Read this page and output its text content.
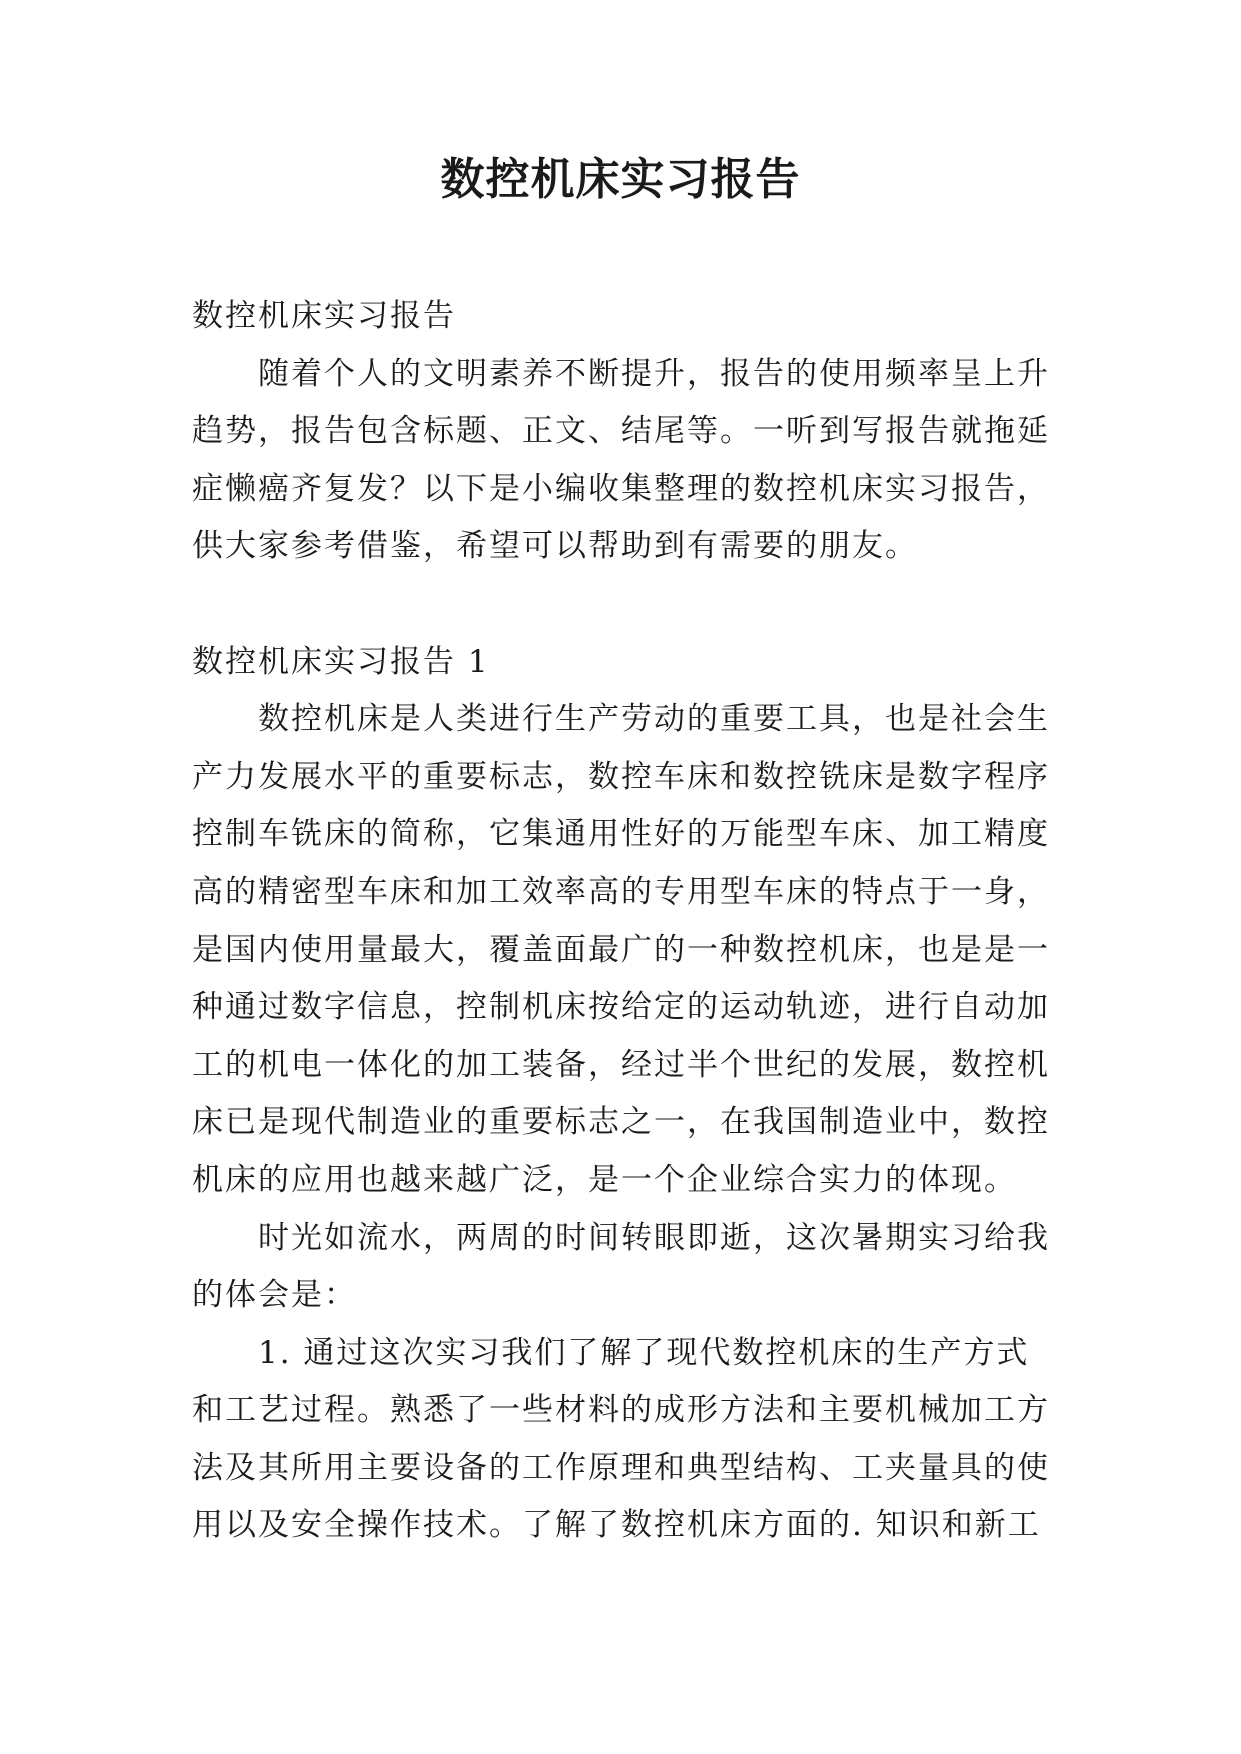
数控机床实习报告
数控机床实习报告
随着个人的文明素养不断提升，报告的使用频率呈上升
趋势，报告包含标题、正文、结尾等。一听到写报告就拖延
症懒癌齐复发？以下是小编收集整理的数控机床实习报告，
供大家参考借鉴，希望可以帮助到有需要的朋友。
数控机床实习报告 1
数控机床是人类进行生产劳动的重要工具，也是社会生
产力发展水平的重要标志，数控车床和数控铣床是数字程序
控制车铣床的简称，它集通用性好的万能型车床、加工精度
高的精密型车床和加工效率高的专用型车床的特点于一身，
是国内使用量最大，覆盖面最广的一种数控机床，也是是一
种通过数字信息，控制机床按给定的运动轨迹，进行自动加
工的机电一体化的加工装备，经过半个世纪的发展，数控机
床已是现代制造业的重要标志之一，在我国制造业中，数控
机床的应用也越来越广泛，是一个企业综合实力的体现。
时光如流水，两周的时间转眼即逝，这次暑期实习给我
的体会是：
1. 通过这次实习我们了解了现代数控机床的生产方式
和工艺过程。熟悉了一些材料的成形方法和主要机械加工方
法及其所用主要设备的工作原理和典型结构、工夹量具的使
用以及安全操作技术。了解了数控机床方面的. 知识和新工
